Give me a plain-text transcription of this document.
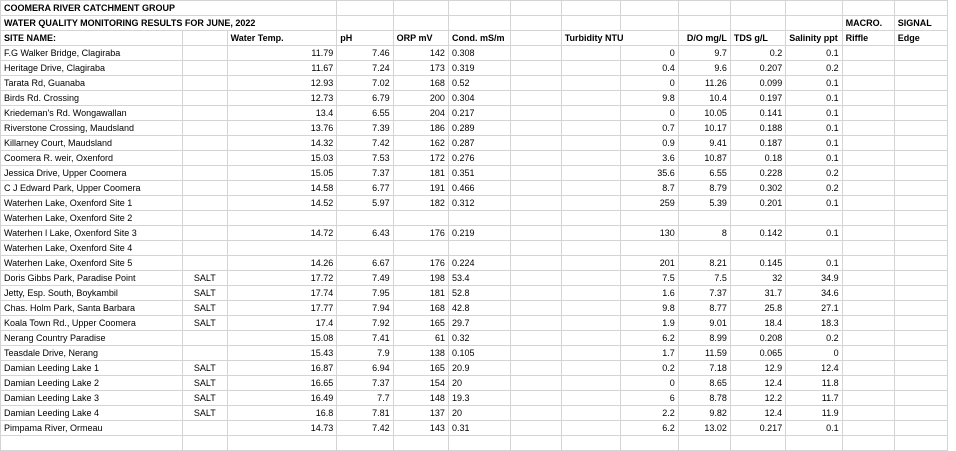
COOMERA RIVER CATCHMENT GROUP													
WATER QUALITY MONITORING RESULTS FOR JUNE, 2022												MACRO.	SIGNAL
SITE NAME:		Water Temp.	pH	ORP mV	Cond. mS/m		Turbidity NTU		D/O mg/L	TDS g/L	Salinity ppt	Riffle	Edge
F.G Walker Bridge, Clagiraba		11.79	7.46	142	0.308			0	9.7	0.2	0.1		
Heritage Drive, Clagiraba		11.67	7.24	173	0.319			0.4	9.6	0.207	0.2		
Tarata Rd, Guanaba		12.93	7.02	168	0.52			0	11.26	0.099	0.1		
Birds Rd. Crossing		12.73	6.79	200	0.304			9.8	10.4	0.197	0.1		
Kriedeman's Rd. Wongawallan		13.4	6.55	204	0.217			0	10.05	0.141	0.1		
Riverstone Crossing, Maudsland		13.76	7.39	186	0.289			0.7	10.17	0.188	0.1		
Killarney Court, Maudsland		14.32	7.42	162	0.287			0.9	9.41	0.187	0.1		
Coomera R. weir, Oxenford		15.03	7.53	172	0.276			3.6	10.87	0.18	0.1		
Jessica Drive, Upper Coomera		15.05	7.37	181	0.351			35.6	6.55	0.228	0.2		
C J Edward Park, Upper Coomera		14.58	6.77	191	0.466			8.7	8.79	0.302	0.2		
Waterhen Lake, Oxenford Site 1		14.52	5.97	182	0.312			259	5.39	0.201	0.1		
Waterhen Lake, Oxenford Site 2													
Waterhen l Lake, Oxenford Site 3		14.72	6.43	176	0.219			130	8	0.142	0.1		
Waterhen Lake, Oxenford Site 4													
Waterhen Lake, Oxenford Site 5		14.26	6.67	176	0.224			201	8.21	0.145	0.1		
Doris Gibbs Park, Paradise Point	SALT	17.72	7.49	198	53.4			7.5	7.5	32	34.9		
Jetty, Esp. South, Boykambil	SALT	17.74	7.95	181	52.8			1.6	7.37	31.7	34.6		
Chas. Holm Park, Santa Barbara	SALT	17.77	7.94	168	42.8			9.8	8.77	25.8	27.1		
Koala Town Rd., Upper Coomera	SALT	17.4	7.92	165	29.7			1.9	9.01	18.4	18.3		
Nerang Country Paradise		15.08	7.41	61	0.32			6.2	8.99	0.208	0.2		
Teasdale Drive, Nerang		15.43	7.9	138	0.105			1.7	11.59	0.065	0		
Damian Leeding Lake 1	SALT	16.87	6.94	165	20.9			0.2	7.18	12.9	12.4		
Damian Leeding Lake 2	SALT	16.65	7.37	154	20			0	8.65	12.4	11.8		
Damian Leeding Lake 3	SALT	16.49	7.7	148	19.3			6	8.78	12.2	11.7		
Damian Leeding Lake 4	SALT	16.8	7.81	137	20			2.2	9.82	12.4	11.9		
Pimpama River, Ormeau		14.73	7.42	143	0.31			6.2	13.02	0.217	0.1		
